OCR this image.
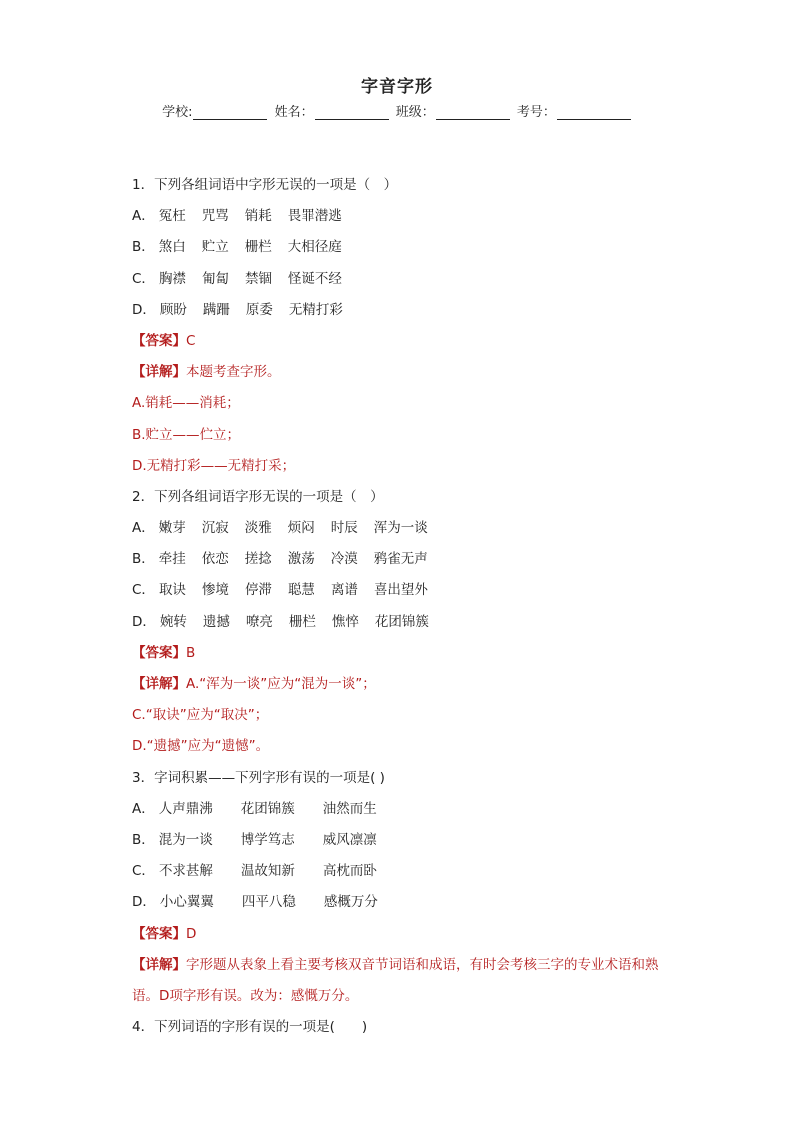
字音字形
学校:	姓名：	班级：	考号：
1．下列各组词语中字形无误的一项是（　）
A． 冤枉 咒骂 销耗 畏罪潜逃
B． 煞白 贮立 栅栏 大相径庭
C． 胸襟 匍匐 禁锢 怪诞不经
D． 顾盼 蹒跚 原委 无精打彩
【答案】C
【详解】本题考查字形。
A.销耗——消耗；
B.贮立——伫立；
D.无精打彩——无精打采；
2．下列各组词语字形无误的一项是（　）
A． 嫩芽 沉寂 淡雅 烦闷 时辰 浑为一谈
B． 牵挂 依恋 搓捻 激荡 冷漠 鸦雀无声
C． 取诀 惨境 停滞 聪慧 离谱 喜出望外
D． 婉转 遗撼 嘹亮 栅栏 憔悴 花团锦簇
【答案】B
【详解】A.“浑为一谈”应为“混为一谈”；
C.“取诀”应为“取决”；
D.“遗撼”应为“遗憾”。
3．字词积累——下列字形有误的一项是( )
A． 人声鼎沸 花团锦簇 油然而生
B． 混为一谈 博学笃志 威风凛凛
C． 不求甚解 温故知新 高枕而卧
D． 小心翼翼 四平八稳 感概万分
【答案】D
【详解】字形题从表象上看主要考核双音节词语和成语，有时会考核三字的专业术语和熟语。D项字形有误。改为：感慨万分。
4．下列词语的字形有误的一项是(　　)
